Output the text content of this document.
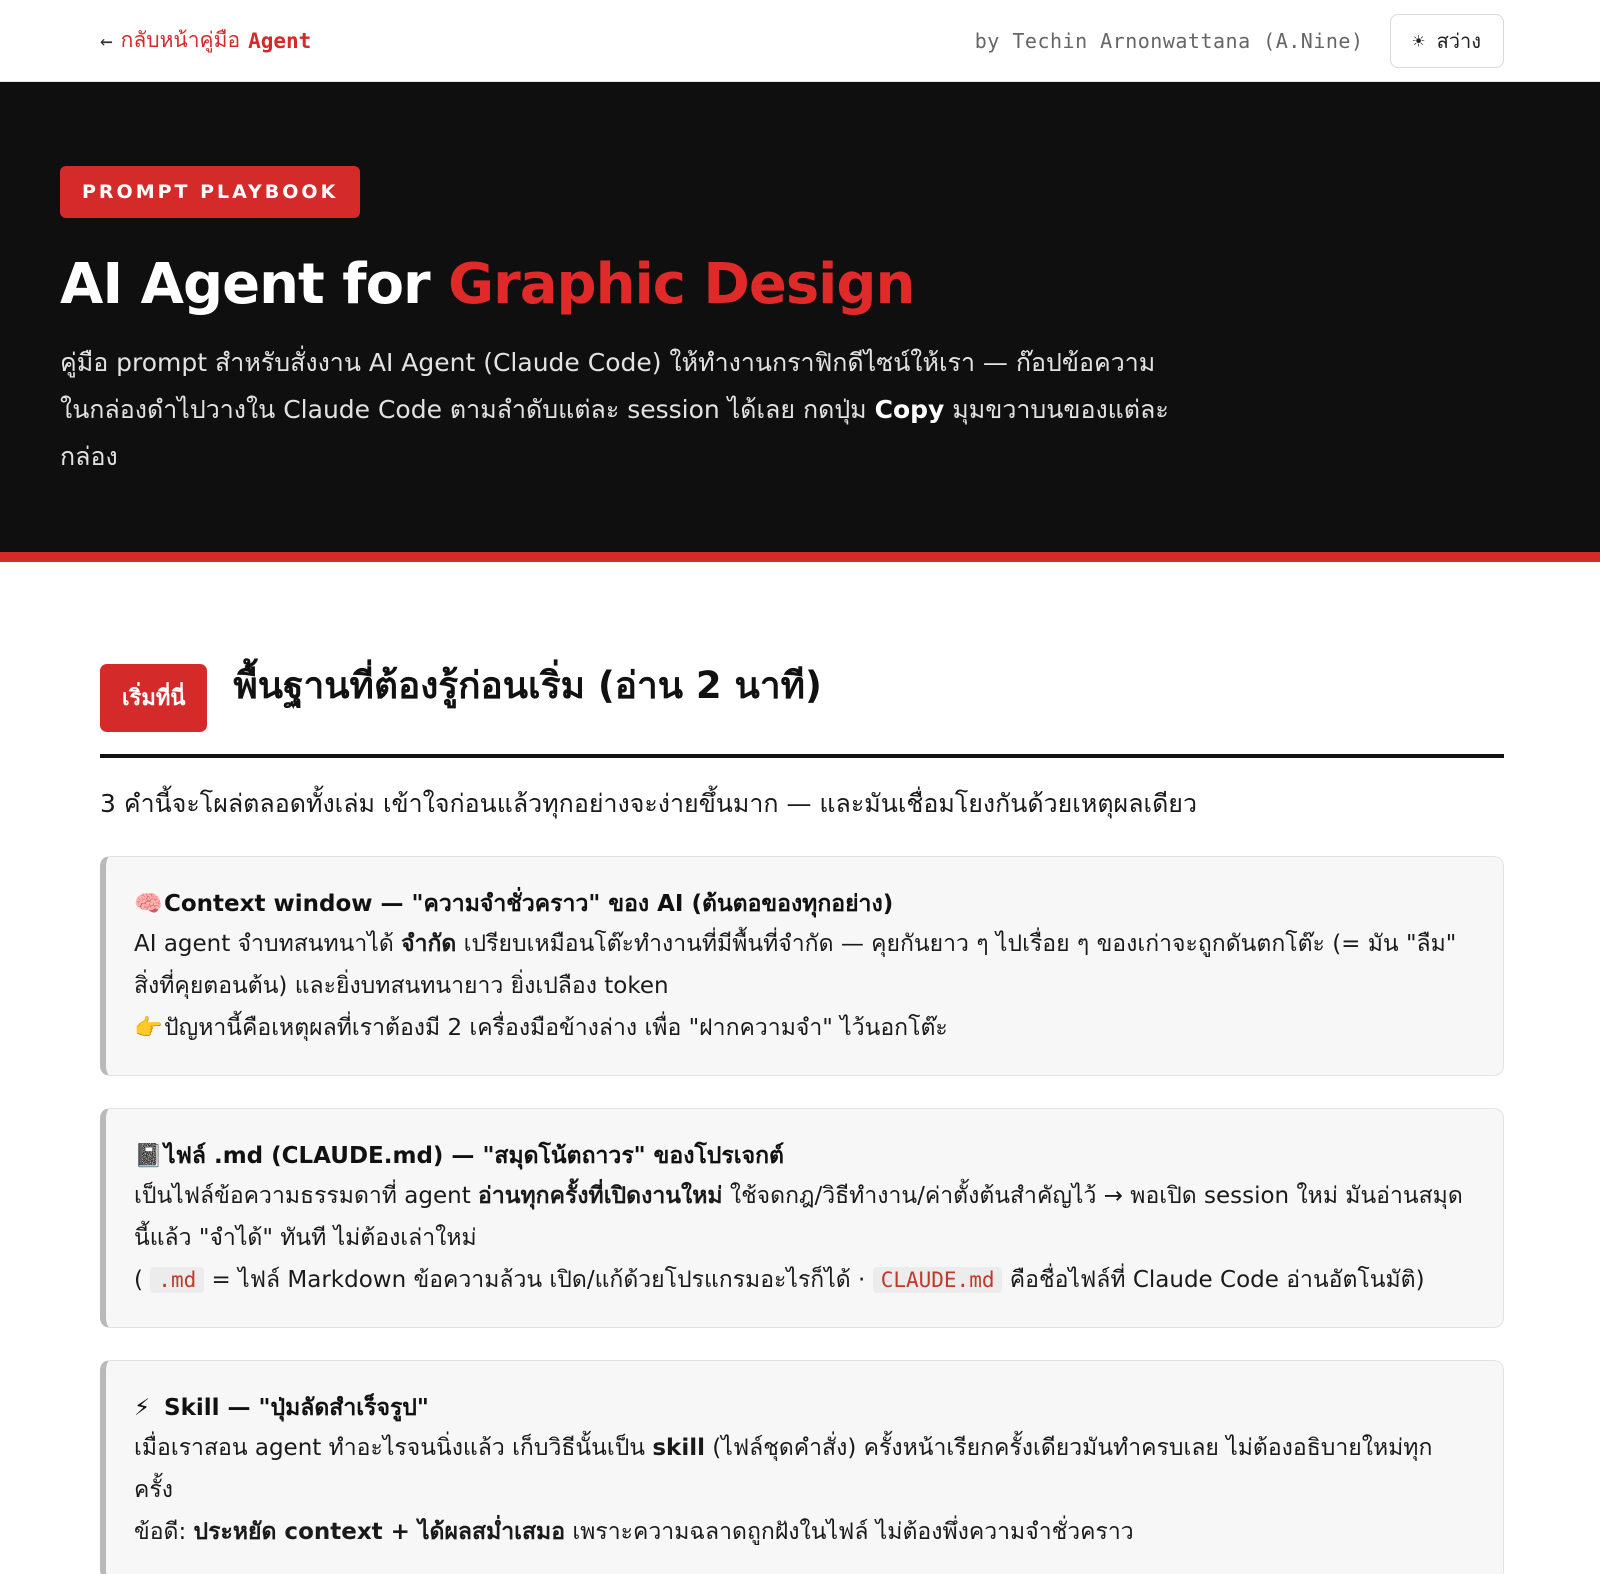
← กลับหน้าคู่มือ Agent	by Techin Arnonwattana (A.Nine) ☀ สว่าง
PROMPT PLAYBOOK
AI Agent for Graphic Design

คู่มือ prompt สำหรับสั่งงาน AI Agent (Claude Code) ให้ทำงานกราฟิกดีไซน์ให้เรา — ก๊อปข้อความในกล่องดำไปวางใน Claude Code ตามลำดับแต่ละ session ได้เลย กดปุ่ม Copy มุมขวาบนของแต่ละกล่อง

เริ่มที่นี่	พื้นฐานที่ต้องรู้ก่อนเริ่ม (อ่าน 2 นาที)

3 คำนี้จะโผล่ตลอดทั้งเล่ม เข้าใจก่อนแล้วทุกอย่างจะง่ายขึ้นมาก — และมันเชื่อมโยงกันด้วยเหตุผลเดียว

🧠Context window — "ความจำชั่วคราว" ของ AI (ต้นตอของทุกอย่าง)
AI agent จำบทสนทนาได้ จำกัด เปรียบเหมือนโต๊ะทำงานที่มีพื้นที่จำกัด — คุยกันยาว ๆ ไปเรื่อย ๆ ของเก่าจะถูกดันตกโต๊ะ (= มัน "ลืม" สิ่งที่คุยตอนต้น) และยิ่งบทสนทนายาว ยิ่งเปลือง token
👉ปัญหานี้คือเหตุผลที่เราต้องมี 2 เครื่องมือข้างล่าง เพื่อ "ฝากความจำ" ไว้นอกโต๊ะ
📓ไฟล์ .md (CLAUDE.md) — "สมุดโน้ตถาวร" ของโปรเจกต์
เป็นไฟล์ข้อความธรรมดาที่ agent อ่านทุกครั้งที่เปิดงานใหม่ ใช้จดกฎ/วิธีทำงาน/ค่าตั้งต้นสำคัญไว้ → พอเปิด session ใหม่ มันอ่านสมุดนี้แล้ว "จำได้" ทันที ไม่ต้องเล่าใหม่
( .md = ไฟล์ Markdown ข้อความล้วน เปิด/แก้ด้วยโปรแกรมอะไรก็ได้ · CLAUDE.md คือชื่อไฟล์ที่ Claude Code อ่านอัตโนมัติ)
⚡ Skill — "ปุ่มลัดสำเร็จรูป"
เมื่อเราสอน agent ทำอะไรจนนิ่งแล้ว เก็บวิธีนั้นเป็น skill (ไฟล์ชุดคำสั่ง) ครั้งหน้าเรียกครั้งเดียวมันทำครบเลย ไม่ต้องอธิบายใหม่ทุกครั้ง
ข้อดี: ประหยัด context + ได้ผลสม่ำเสมอ เพราะความฉลาดถูกฝังในไฟล์ ไม่ต้องพึ่งความจำชั่วคราว
